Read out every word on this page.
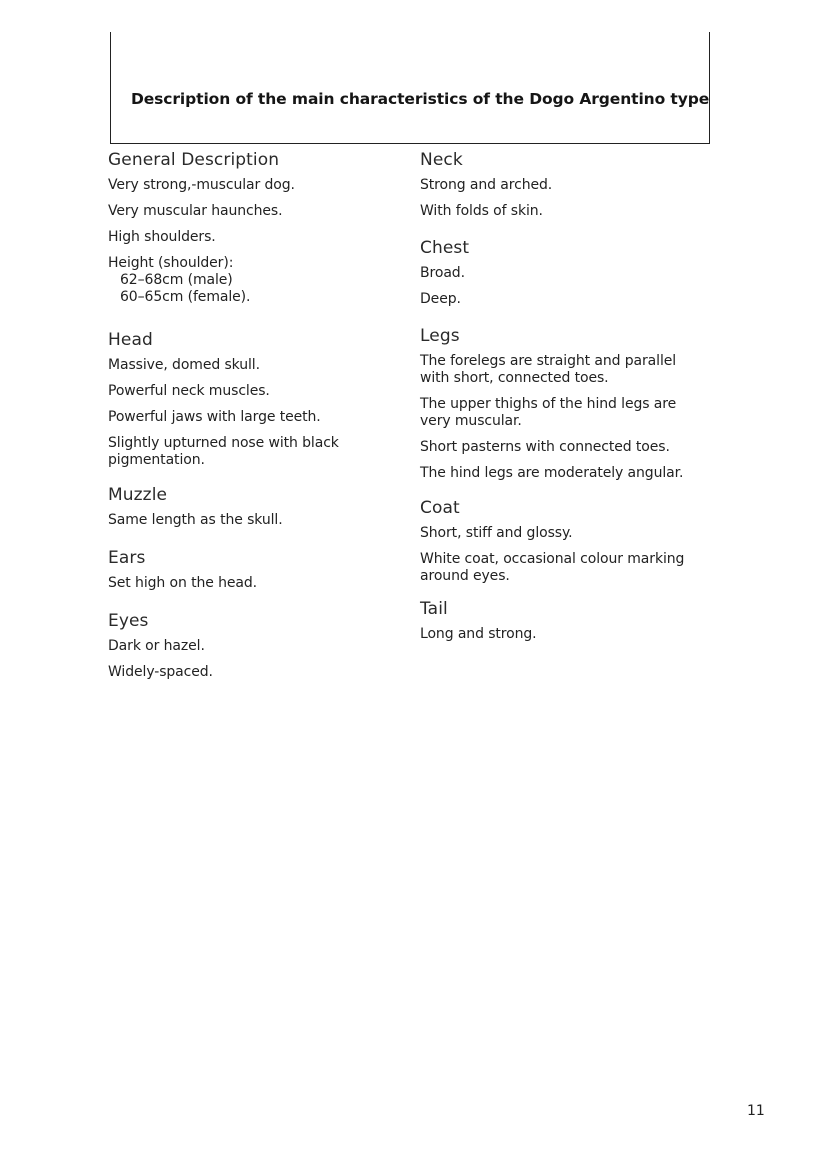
Description of the main characteristics of the Dogo Argentino type
General Description
Very strong,-muscular dog.
Very muscular haunches.
High shoulders.
Height (shoulder):
62–68cm (male)
60–65cm (female).
Head
Massive, domed skull.
Powerful neck muscles.
Powerful jaws with large teeth.
Slightly upturned nose with black pigmentation.
Muzzle
Same length as the skull.
Ears
Set high on the head.
Eyes
Dark or hazel.
Widely-spaced.
Neck
Strong and arched.
With folds of skin.
Chest
Broad.
Deep.
Legs
The forelegs are straight and parallel with short, connected toes.
The upper thighs of the hind legs are very muscular.
Short pasterns with connected toes.
The hind legs are moderately angular.
Coat
Short, stiff and glossy.
White coat, occasional colour marking around eyes.
Tail
Long and strong.
11
